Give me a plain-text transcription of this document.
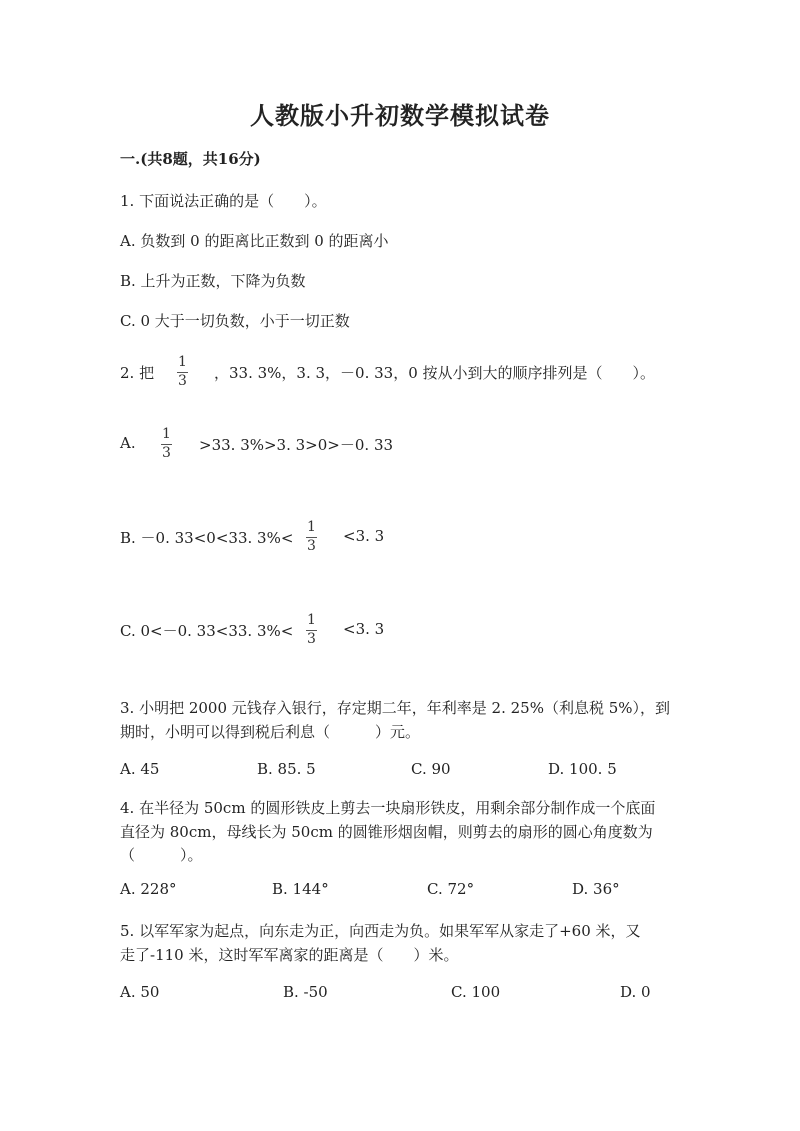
人教版小升初数学模拟试卷
一.(共8题，共16分)
1. 下面说法正确的是（　　）。
A. 负数到 0 的距离比正数到 0 的距离小
B. 上升为正数，下降为负数
C. 0 大于一切负数，小于一切正数
2. 把
1
3 ，33. 3%，3. 3，－0. 33，0 按从小到大的顺序排列是（　　）。
A. 1
3 >33. 3%>3. 3>0>－0. 33
B. －0. 33<0<33. 3%<
1
3
<3. 3
C. 0<－0. 33<33. 3%<
1
3
<3. 3
3. 小明把 2000 元钱存入银行，存定期二年，年利率是 2. 25%（利息税 5%），到
期时，小明可以得到税后利息（　　　）元。
A. 45	B. 85. 5	C. 90	D. 100. 5
4. 在半径为 50cm 的圆形铁皮上剪去一块扇形铁皮，用剩余部分制作成一个底面
直径为 80cm，母线长为 50cm 的圆锥形烟囱帽，则剪去的扇形的圆心角度数为
（　　　）。
A. 228°	B. 144°	C. 72°	D. 36°
5. 以军军家为起点，向东走为正，向西走为负。如果军军从家走了+60 米，又
走了-110 米，这时军军离家的距离是（　　）米。
A. 50	B. -50	C. 100	D. 0
